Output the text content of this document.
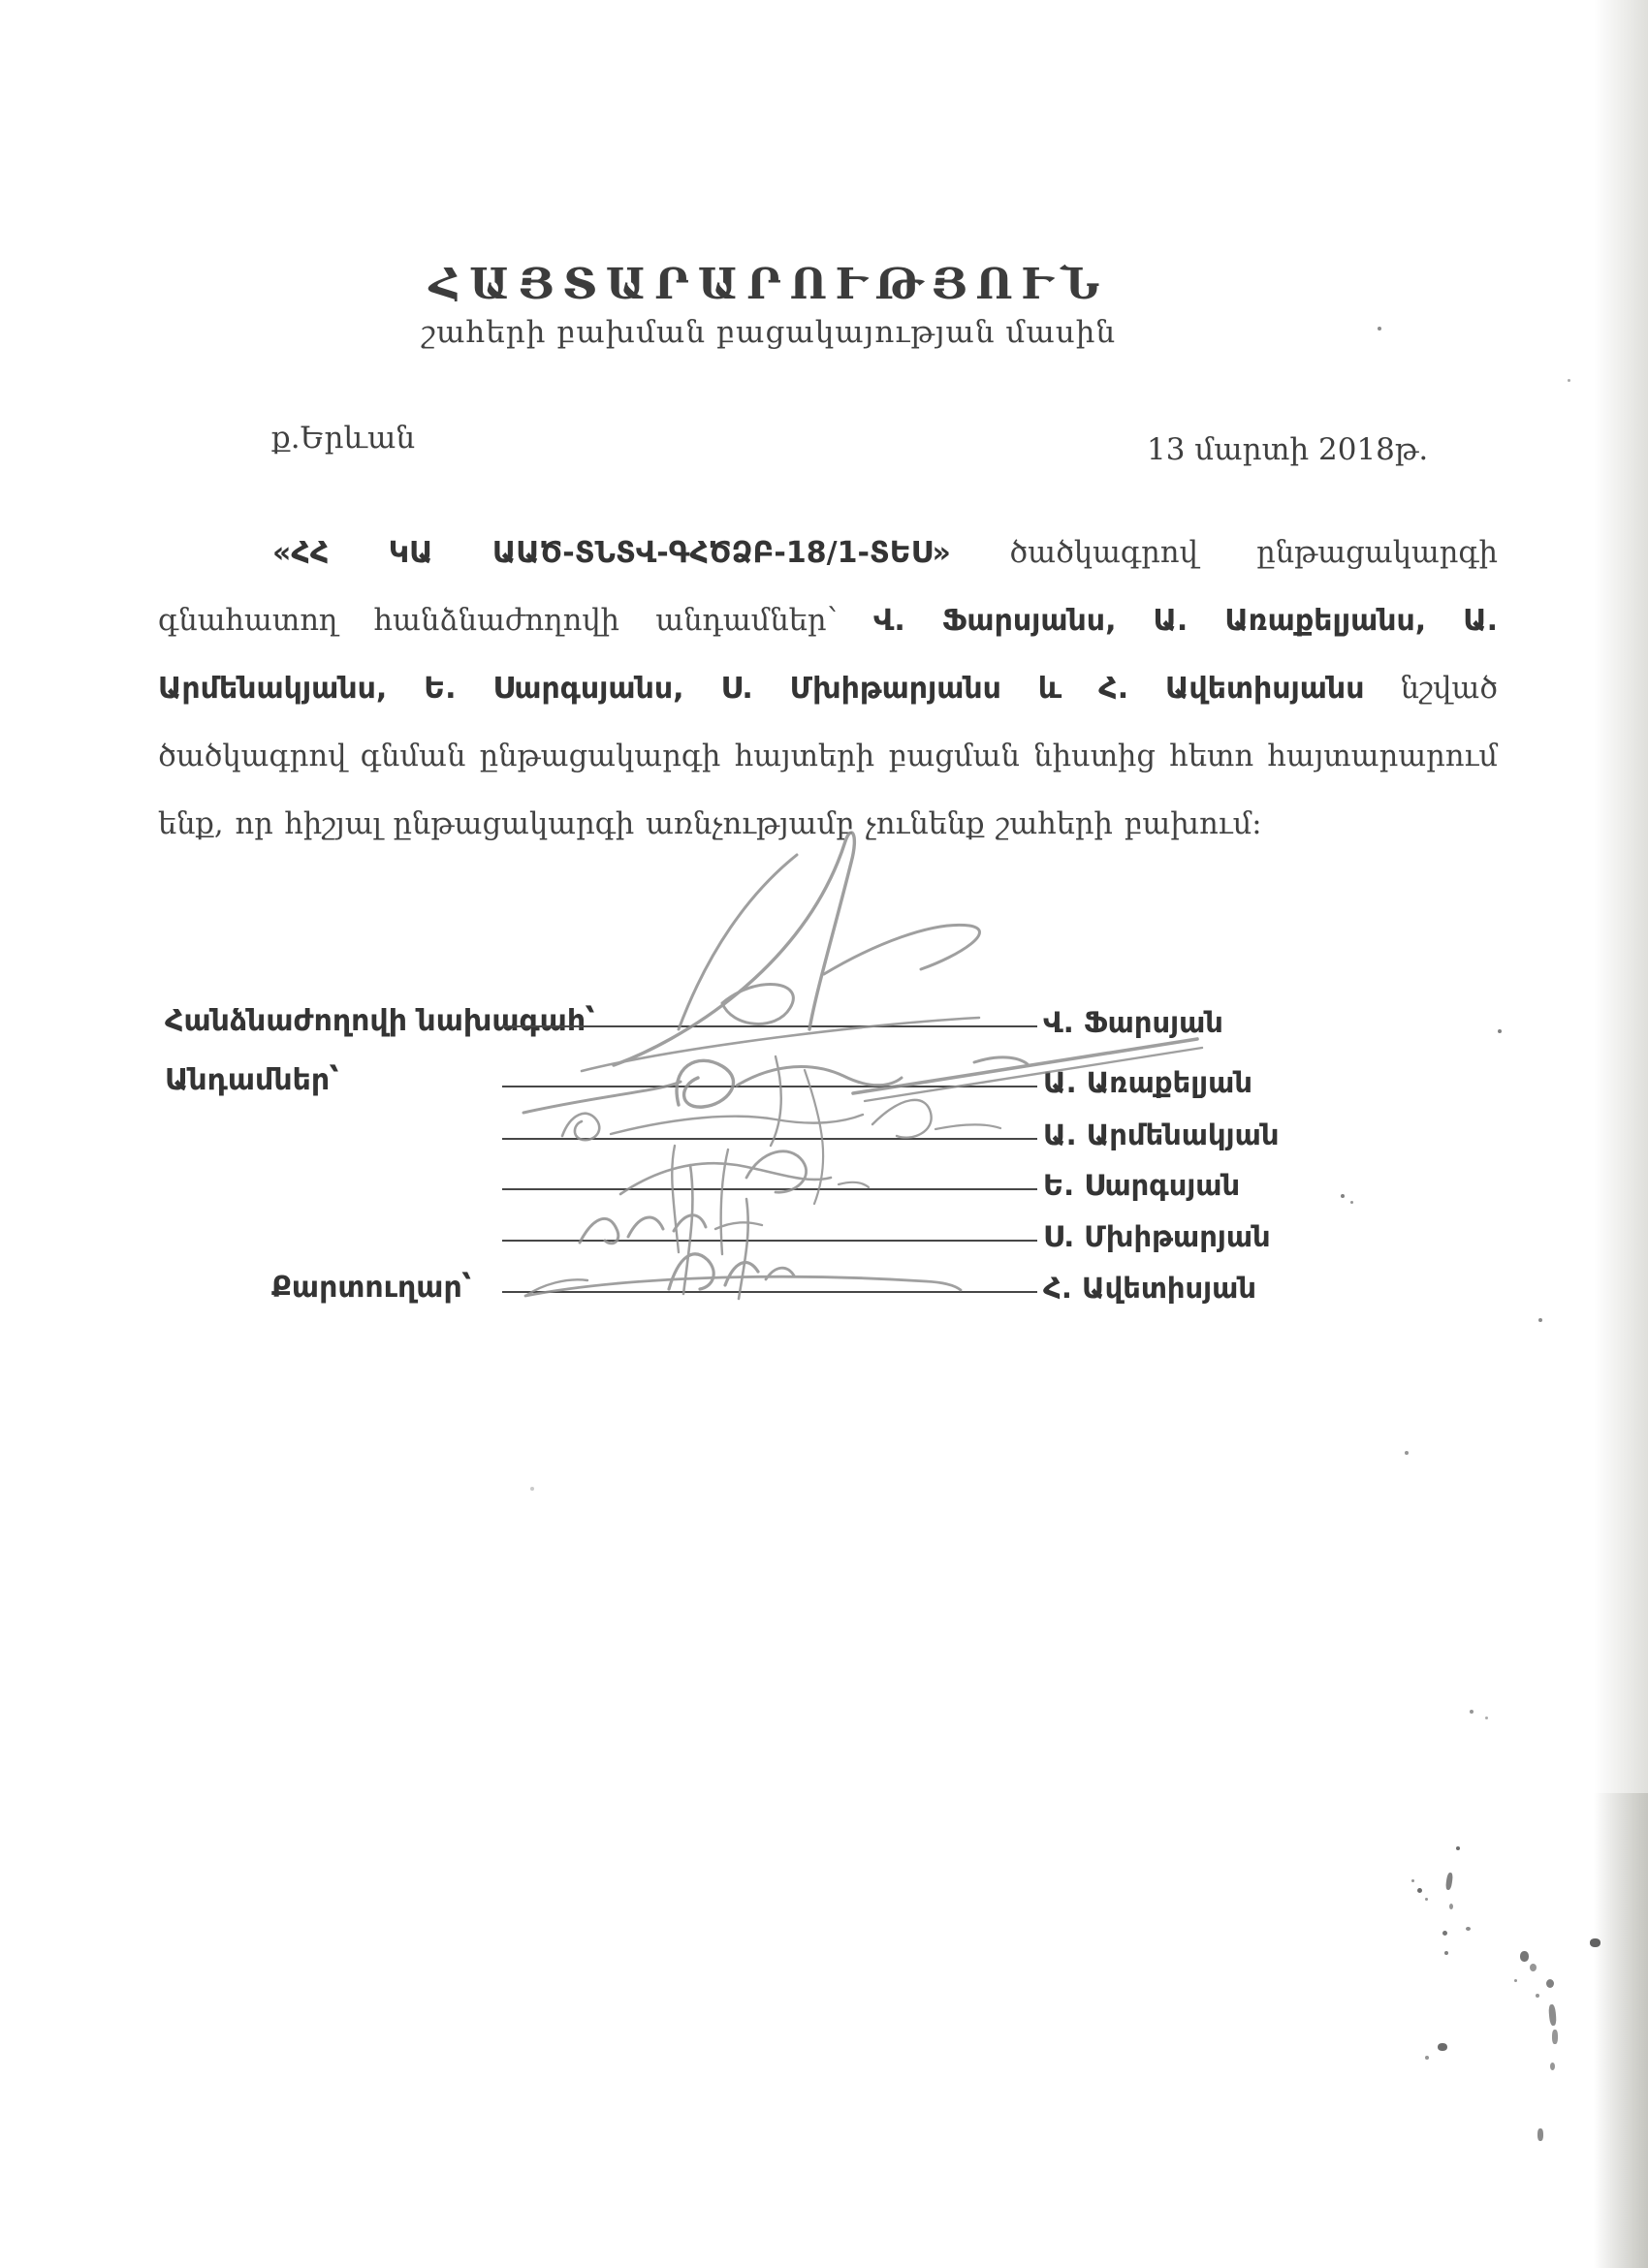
ՀԱՅՏԱՐԱՐՈՒԹՅՈՒՆ
շահերի բախման բացակայության մասին
ք.Երևան	13 մարտի 2018թ.
«ՀՀ ԿԱ ԱԱԾ-ՏՆՏՎ-ԳՀԾՁԲ-18/1-ՏԵՍ» ծածկագրով ընթացակարգի գնահատող հանձնաժողովի անդամներ՝ Վ. Ֆարսյանս, Ա. Առաքելյանս, Ա. Արմենակյանս, Ե. Սարգսյանս, Ս. Մխիթարյանս և Հ. Ավետիսյանս նշված ծածկագրով գնման ընթացակարգի հայտերի բացման նիստից հետո հայտարարում ենք, որ հիշյալ ընթացակարգի առնչությամբ չունենք շահերի բախում:
Հանձնաժողովի նախագահ՝
Անդամներ՝
Քարտուղար՝
Վ. Ֆարսյան
Ա. Առաքելյան
Ա. Արմենակյան
Ե. Սարգսյան
Ս. Մխիթարյան
Հ. Ավետիսյան
